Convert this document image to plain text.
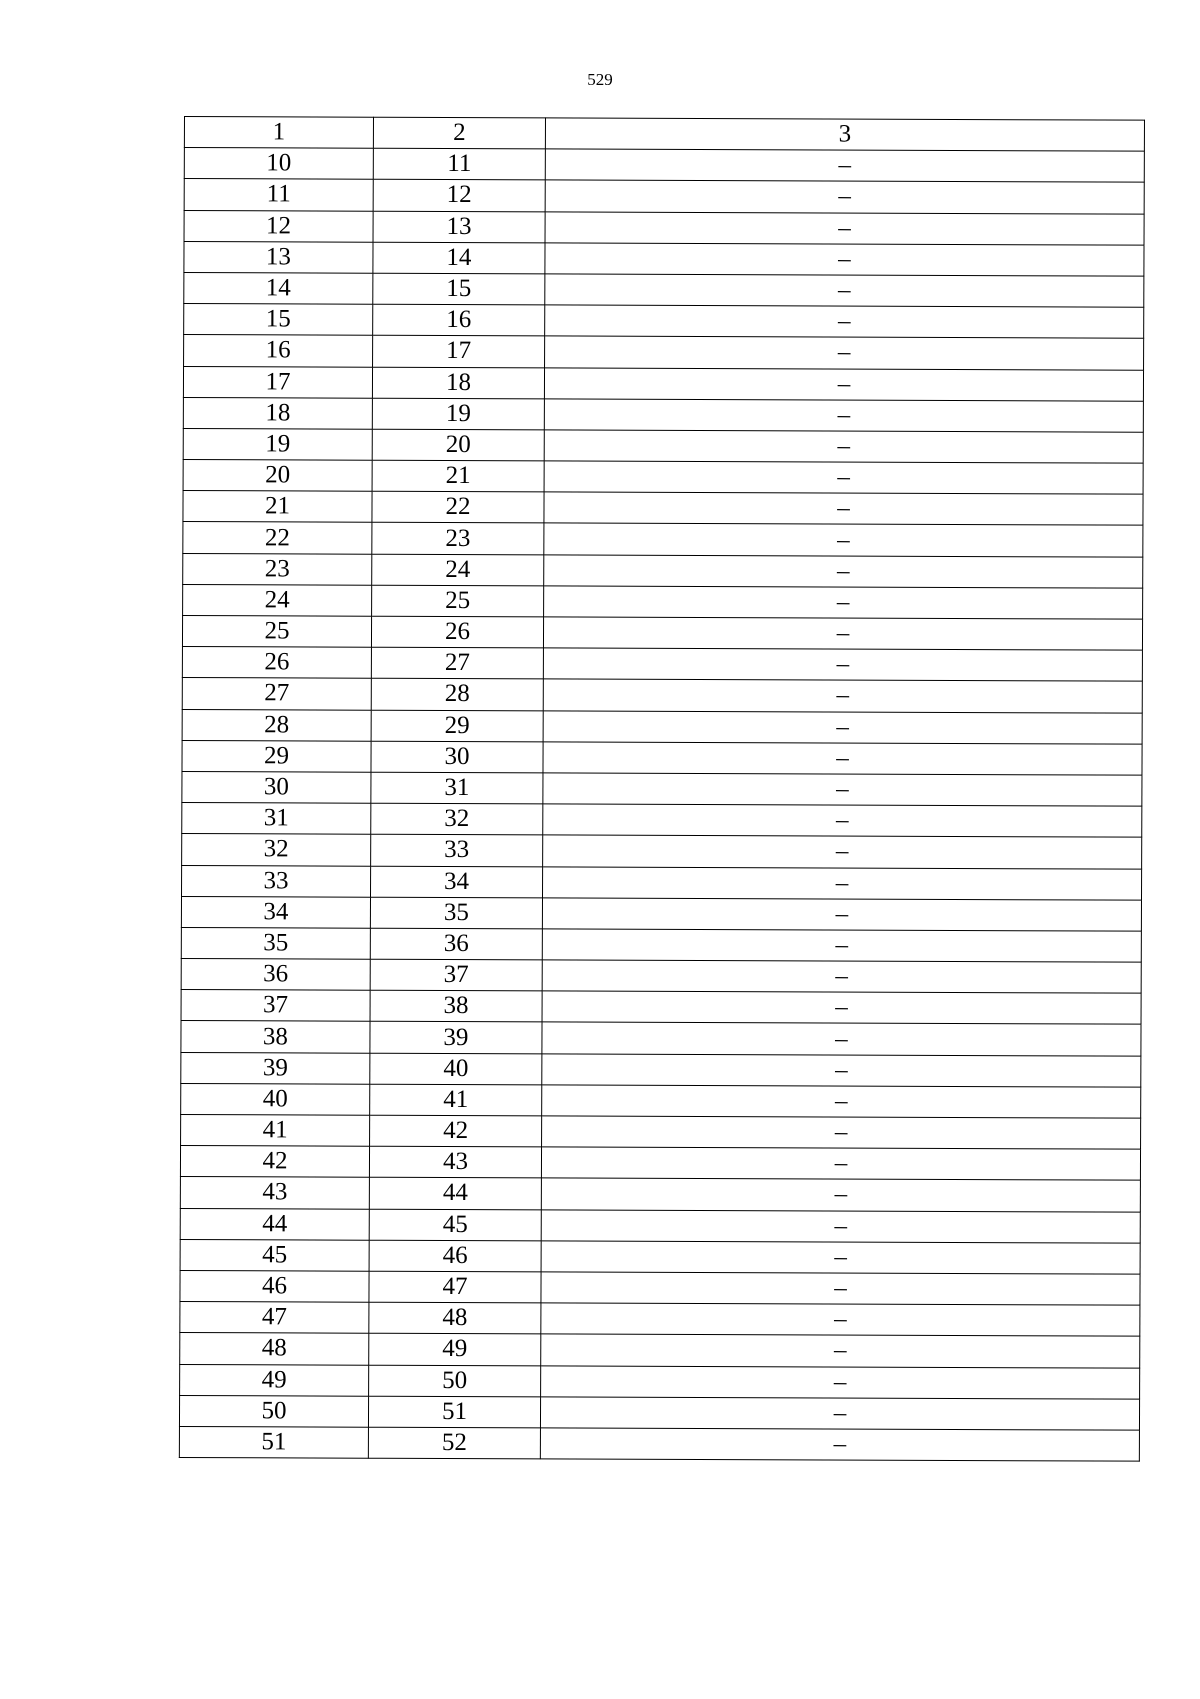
529
1	2	3
10	11	–
11	12	–
12	13	–
13	14	–
14	15	–
15	16	–
16	17	–
17	18	–
18	19	–
19	20	–
20	21	–
21	22	–
22	23	–
23	24	–
24	25	–
25	26	–
26	27	–
27	28	–
28	29	–
29	30	–
30	31	–
31	32	–
32	33	–
33	34	–
34	35	–
35	36	–
36	37	–
37	38	–
38	39	–
39	40	–
40	41	–
41	42	–
42	43	–
43	44	–
44	45	–
45	46	–
46	47	–
47	48	–
48	49	–
49	50	–
50	51	–
51	52	–
